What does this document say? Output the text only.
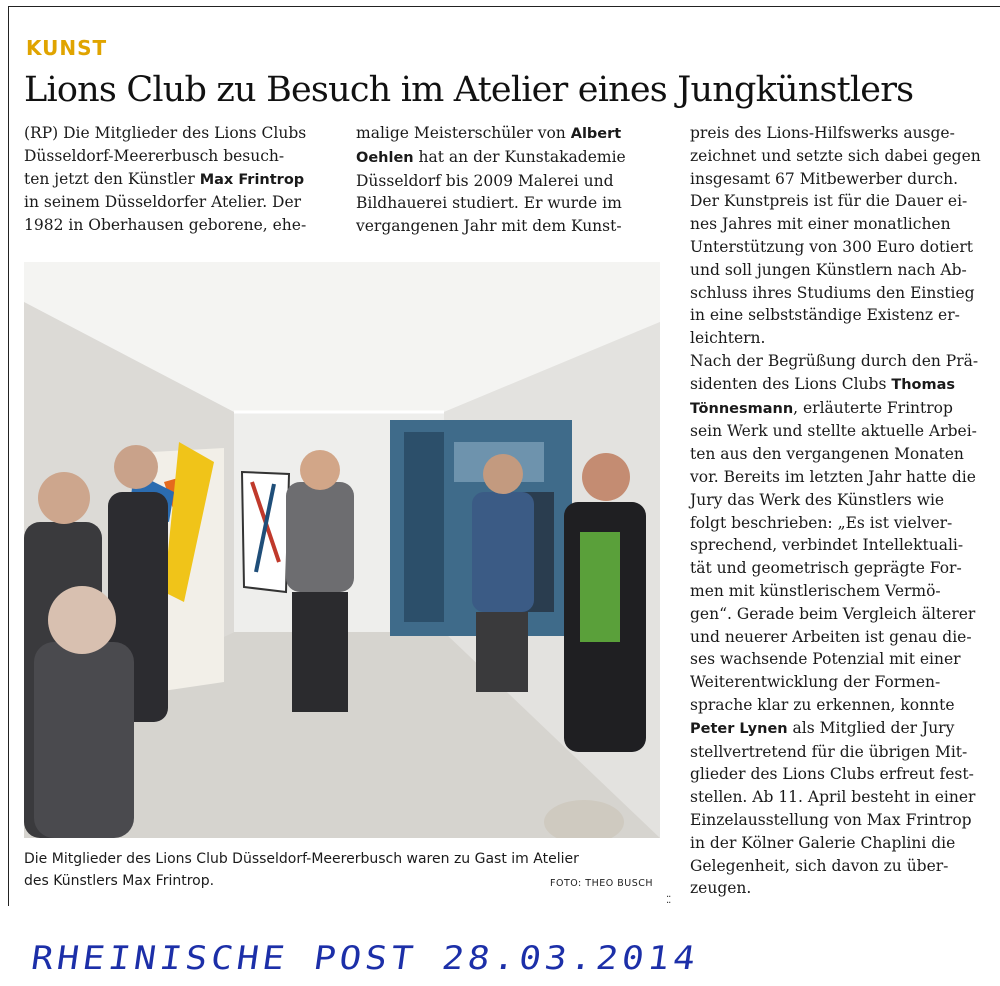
KUNST
Lions Club zu Besuch im Atelier eines Jungkünstlers
(RP) Die Mitglieder des Lions Clubs
Düsseldorf-Meererbusch besuch-
ten jetzt den Künstler Max Frintrop
in seinem Düsseldorfer Atelier. Der
1982 in Oberhausen geborene, ehe-
malige Meisterschüler von Albert
Oehlen hat an der Kunstakademie
Düsseldorf bis 2009 Malerei und
Bildhauerei studiert. Er wurde im
vergangenen Jahr mit dem Kunst-
preis des Lions-Hilfswerks ausge-
zeichnet und setzte sich dabei gegen
insgesamt 67 Mitbewerber durch.
Der Kunstpreis ist für die Dauer ei-
nes Jahres mit einer monatlichen
Unterstützung von 300 Euro dotiert
und soll jungen Künstlern nach Ab-
schluss ihres Studiums den Einstieg
in eine selbstständige Existenz er-
leichtern.
Nach der Begrüßung durch den Prä-
sidenten des Lions Clubs Thomas
Tönnesmann, erläuterte Frintrop
sein Werk und stellte aktuelle Arbei-
ten aus den vergangenen Monaten
vor. Bereits im letzten Jahr hatte die
Jury das Werk des Künstlers wie
folgt beschrieben: „Es ist vielver-
sprechend, verbindet Intellektuali-
tät und geometrisch geprägte For-
men mit künstlerischem Vermö-
gen“. Gerade beim Vergleich älterer
und neuerer Arbeiten ist genau die-
ses wachsende Potenzial mit einer
Weiterentwicklung der Formen-
sprache klar zu erkennen, konnte
Peter Lynen als Mitglied der Jury
stellvertretend für die übrigen Mit-
glieder des Lions Clubs erfreut fest-
stellen. Ab 11. April besteht in einer
Einzelausstellung von Max Frintrop
in der Kölner Galerie Chaplini die
Gelegenheit, sich davon zu über-
zeugen.
Die Mitglieder des Lions Club Düsseldorf-Meererbusch waren zu Gast im Atelier
des Künstlers Max Frintrop.	FOTO: THEO BUSCH
⁚⁚
RHEINISCHE POST 28.03.2014
